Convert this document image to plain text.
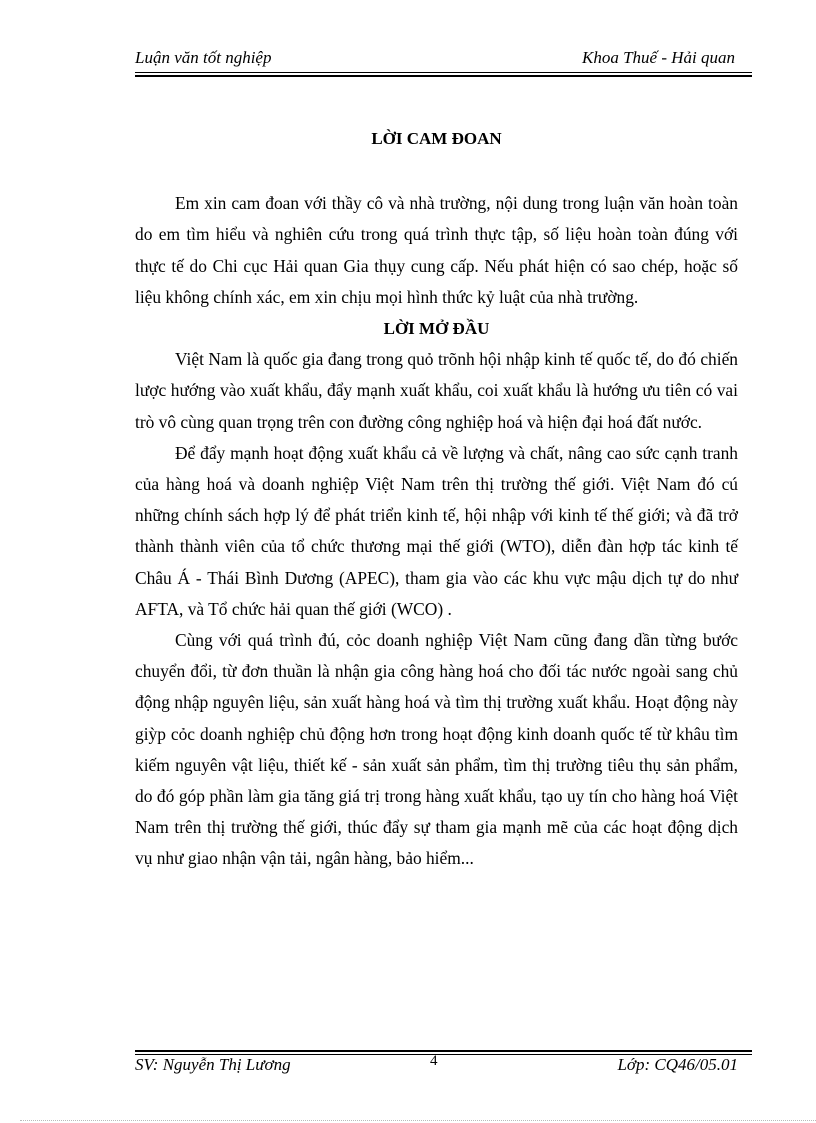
Luận văn tốt nghiệp	Khoa Thuế - Hải quan
LỜI CAM ĐOAN

Em xin cam đoan với thầy cô và nhà trường, nội dung trong luận văn hoàn toàn do em tìm hiểu và nghiên cứu trong quá trình thực tập, số liệu hoàn toàn đúng với thực tế do Chi cục Hải quan Gia thụy cung cấp. Nếu phát hiện có sao chép, hoặc số liệu không chính xác, em xin chịu mọi hình thức kỷ luật của nhà trường.

LỜI MỞ ĐẦU

Việt Nam là quốc gia đang trong quỏ trõnh hội nhập kinh tế quốc tế, do đó chiến lược hướng vào xuất khẩu, đẩy mạnh xuất khẩu, coi xuất khẩu là hướng ưu tiên có vai trò vô cùng quan trọng trên con đường công nghiệp hoá và hiện đại hoá đất nước.

Để đẩy mạnh hoạt động xuất khẩu cả về lượng và chất, nâng cao sức cạnh tranh của hàng hoá và doanh nghiệp Việt Nam trên thị trường thế giới. Việt Nam đó cú những chính sách hợp lý để phát triển kinh tế, hội nhập với kinh tế thế giới; và đã trở thành thành viên của tổ chức thương mại thế giới (WTO), diễn đàn hợp tác kinh tế Châu Á - Thái Bình Dương (APEC), tham gia vào các khu vực mậu dịch tự do như AFTA, và Tổ chức hải quan thế giới (WCO) .

Cùng với quá trình đú, cỏc doanh nghiệp Việt Nam cũng đang dần từng bước chuyển đổi, từ đơn thuần là nhận gia công hàng hoá cho đối tác nước ngoài sang chủ động nhập nguyên liệu, sản xuất hàng hoá và tìm thị trường xuất khẩu. Hoạt động này giỳp cỏc doanh nghiệp chủ động hơn trong hoạt động kinh doanh quốc tế từ khâu tìm kiếm nguyên vật liệu, thiết kế - sản xuất sản phẩm, tìm thị trường tiêu thụ sản phẩm, do đó góp phần làm gia tăng giá trị trong hàng xuất khẩu, tạo uy tín cho hàng hoá Việt Nam trên thị trường thế giới, thúc đẩy sự tham gia mạnh mẽ của các hoạt động dịch vụ như giao nhận vận tải, ngân hàng, bảo hiểm...

SV: Nguyễn Thị Lương	4	Lớp: CQ46/05.01
